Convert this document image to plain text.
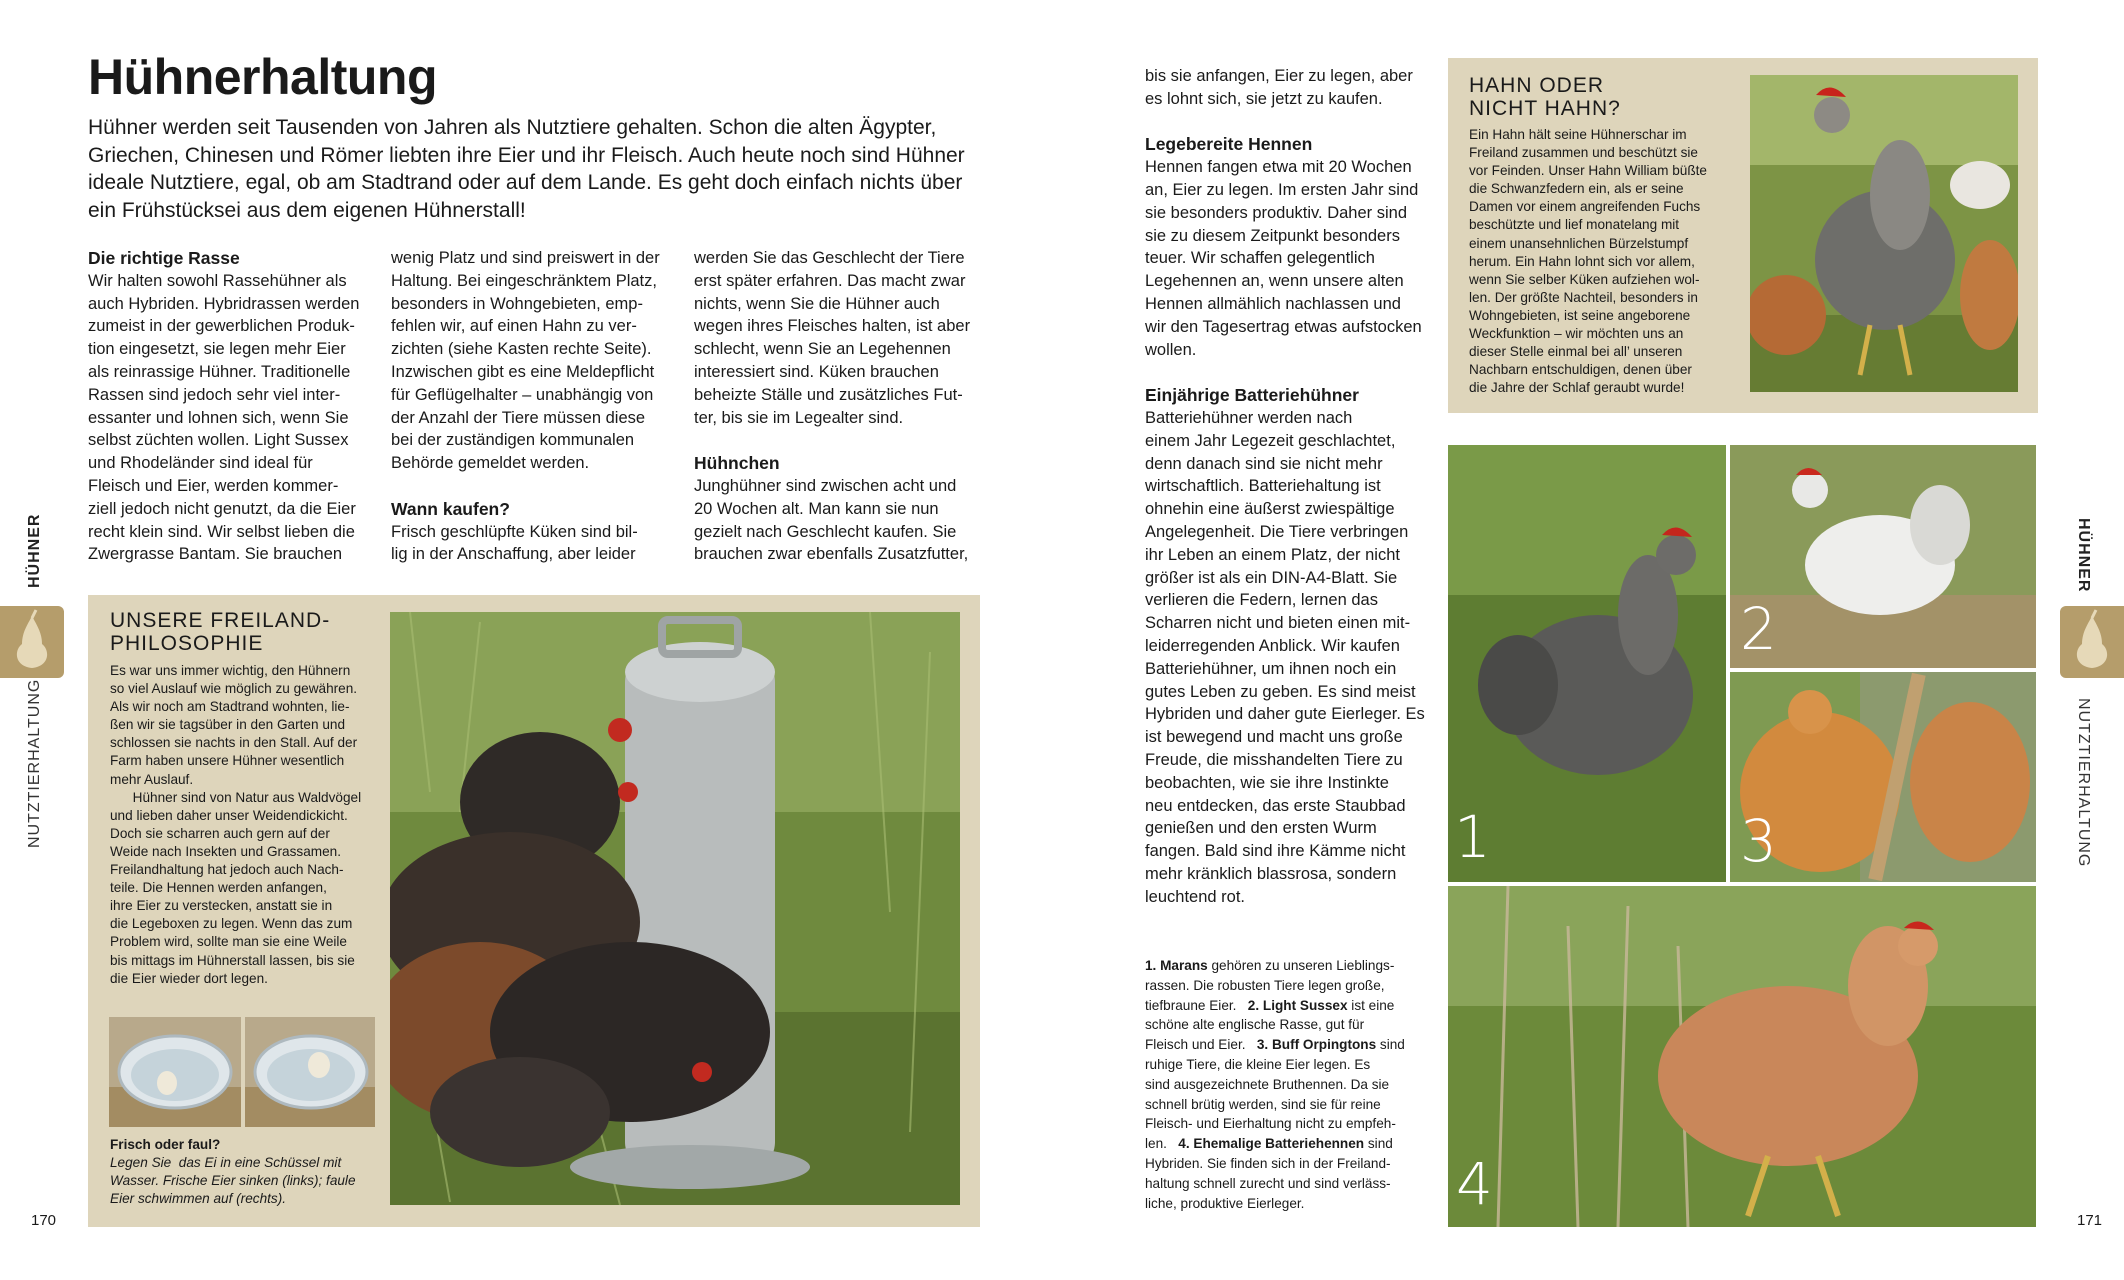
Hühnerhaltung

Hühner werden seit Tausenden von Jahren als Nutztiere gehalten. Schon die alten Ägypter, Griechen, Chinesen und Römer liebten ihre Eier und ihr Fleisch. Auch heute noch sind Hühner ideale Nutztiere, egal, ob am Stadtrand oder auf dem Lande. Es geht doch einfach nichts über ein Frühstücksei aus dem eigenen Hühnerstall!

Die richtige Rasse
Wir halten sowohl Rassehühner als
auch Hybriden. Hybridrassen werden
zumeist in der gewerblichen Produk-
tion eingesetzt, sie legen mehr Eier
als reinrassige Hühner. Traditionelle
Rassen sind jedoch sehr viel inter-
essanter und lohnen sich, wenn Sie
selbst züchten wollen. Light Sussex
und Rhodeländer sind ideal für
Fleisch und Eier, werden kommer-
ziell jedoch nicht genutzt, da die Eier
recht klein sind. Wir selbst lieben die
Zwergrasse Bantam. Sie brauchen
wenig Platz und sind preiswert in der
Haltung. Bei eingeschränktem Platz,
besonders in Wohngebieten, emp-
fehlen wir, auf einen Hahn zu ver-
zichten (siehe Kasten rechte Seite).
Inzwischen gibt es eine Meldepflicht
für Geflügelhalter – unabhängig von
der Anzahl der Tiere müssen diese
bei der zuständigen kommunalen
Behörde gemeldet werden.
Wann kaufen?
Frisch geschlüpfte Küken sind bil-
lig in der Anschaffung, aber leider
werden Sie das Geschlecht der Tiere
erst später erfahren. Das macht zwar
nichts, wenn Sie die Hühner auch
wegen ihres Fleisches halten, ist aber
schlecht, wenn Sie an Legehennen
interessiert sind. Küken brauchen
beheizte Ställe und zusätzliches Fut-
ter, bis sie im Legealter sind.
Hühnchen
Junghühner sind zwischen acht und
20 Wochen alt. Man kann sie nun
gezielt nach Geschlecht kaufen. Sie
brauchen zwar ebenfalls Zusatzfutter,
UNSERE FREILAND-
PHILOSOPHIE
Es war uns immer wichtig, den Hühnern
so viel Auslauf wie möglich zu gewähren.
Als wir noch am Stadtrand wohnten, lie-
ßen wir sie tagsüber in den Garten und
schlossen sie nachts in den Stall. Auf der
Farm haben unsere Hühner wesentlich
mehr Auslauf.
Hühner sind von Natur aus Waldvögel
und lieben daher unser Weidendickicht.
Doch sie scharren auch gern auf der
Weide nach Insekten und Grassamen.
Freilandhaltung hat jedoch auch Nach-
teile. Die Hennen werden anfangen,
ihre Eier zu verstecken, anstatt sie in
die Legeboxen zu legen. Wenn das zum
Problem wird, sollte man sie eine Weile
bis mittags im Hühnerstall lassen, bis sie
die Eier wieder dort legen.
Frisch oder faul?
Legen Sie  das Ei in eine Schüssel mit
Wasser. Frische Eier sinken (links); faule
Eier schwimmen auf (rechts).
HÜHNER
NUTZTIERHALTUNG
170
bis sie anfangen, Eier zu legen, aber
es lohnt sich, sie jetzt zu kaufen.
Legebereite Hennen
Hennen fangen etwa mit 20 Wochen
an, Eier zu legen. Im ersten Jahr sind
sie besonders produktiv. Daher sind
sie zu diesem Zeitpunkt besonders
teuer. Wir schaffen gelegentlich
Legehennen an, wenn unsere alten
Hennen allmählich nachlassen und
wir den Tagesertrag etwas aufstocken
wollen.
Einjährige Batteriehühner
Batteriehühner werden nach
einem Jahr Legezeit geschlachtet,
denn danach sind sie nicht mehr
wirtschaftlich. Batteriehaltung ist
ohnehin eine äußerst zwiespältige
Angelegenheit. Die Tiere verbringen
ihr Leben an einem Platz, der nicht
größer ist als ein DIN-A4-Blatt. Sie
verlieren die Federn, lernen das
Scharren nicht und bieten einen mit-
leiderregenden Anblick. Wir kaufen
Batteriehühner, um ihnen noch ein
gutes Leben zu geben. Es sind meist
Hybriden und daher gute Eierleger. Es
ist bewegend und macht uns große
Freude, die misshandelten Tiere zu
beobachten, wie sie ihre Instinkte
neu entdecken, das erste Staubbad
genießen und den ersten Wurm
fangen. Bald sind ihre Kämme nicht
mehr kränklich blassrosa, sondern
leuchtend rot.
1. Marans gehören zu unseren Lieblings-
rassen. Die robusten Tiere legen große,
tiefbraune Eier. 2. Light Sussex ist eine
schöne alte englische Rasse, gut für
Fleisch und Eier. 3. Buff Orpingtons sind
ruhige Tiere, die kleine Eier legen. Es
sind ausgezeichnete Bruthennen. Da sie
schnell brütig werden, sind sie für reine
Fleisch- und Eierhaltung nicht zu empfeh-
len. 4. Ehemalige Batteriehennen sind
Hybriden. Sie finden sich in der Freiland-
haltung schnell zurecht und sind verläss-
liche, produktive Eierleger.
HAHN ODER
NICHT HAHN?
Ein Hahn hält seine Hühnerschar im
Freiland zusammen und beschützt sie
vor Feinden. Unser Hahn William büßte
die Schwanzfedern ein, als er seine
Damen vor einem angreifenden Fuchs
beschützte und lief monatelang mit
einem unansehnlichen Bürzelstumpf
herum. Ein Hahn lohnt sich vor allem,
wenn Sie selber Küken aufziehen wol-
len. Der größte Nachteil, besonders in
Wohngebieten, ist seine angeborene
Weckfunktion – wir möchten uns an
dieser Stelle einmal bei all’ unseren
Nachbarn entschuldigen, denen über
die Jahre der Schlaf geraubt wurde!
1
2
3
4
HÜHNER
NUTZTIERHALTUNG
171
